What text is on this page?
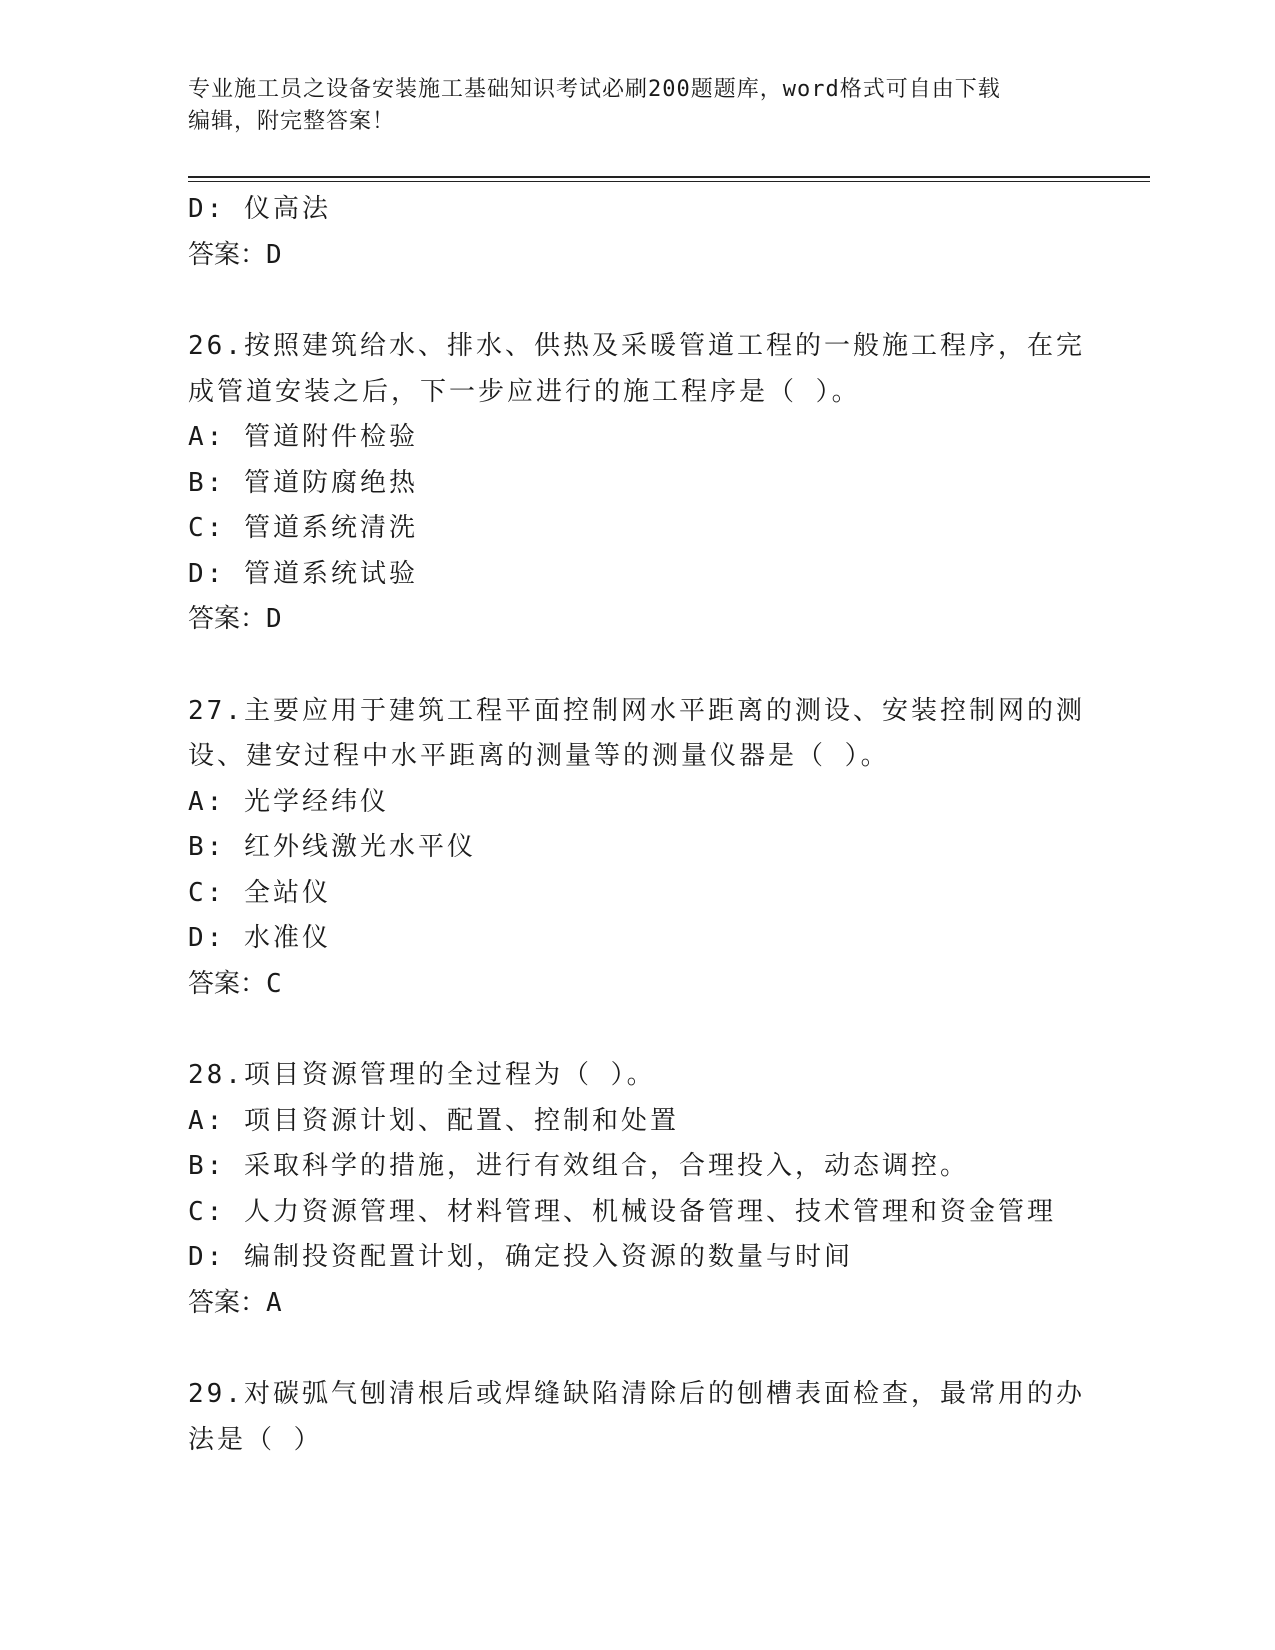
专业施工员之设备安装施工基础知识考试必刷200题题库，word格式可自由下载
编辑，附完整答案！
D: 仪高法
答案：D
26.按照建筑给水、排水、供热及采暖管道工程的一般施工程序，在完
成管道安装之后，下一步应进行的施工程序是（ ）。
A: 管道附件检验
B: 管道防腐绝热
C: 管道系统清洗
D: 管道系统试验
答案：D
27.主要应用于建筑工程平面控制网水平距离的测设、安装控制网的测
设、建安过程中水平距离的测量等的测量仪器是（ ）。
A: 光学经纬仪
B: 红外线激光水平仪
C: 全站仪
D: 水准仪
答案：C
28.项目资源管理的全过程为（ ）。
A: 项目资源计划、配置、控制和处置
B: 采取科学的措施，进行有效组合，合理投入，动态调控。
C: 人力资源管理、材料管理、机械设备管理、技术管理和资金管理
D: 编制投资配置计划，确定投入资源的数量与时间
答案：A
29.对碳弧气刨清根后或焊缝缺陷清除后的刨槽表面检查，最常用的办
法是（ ）
